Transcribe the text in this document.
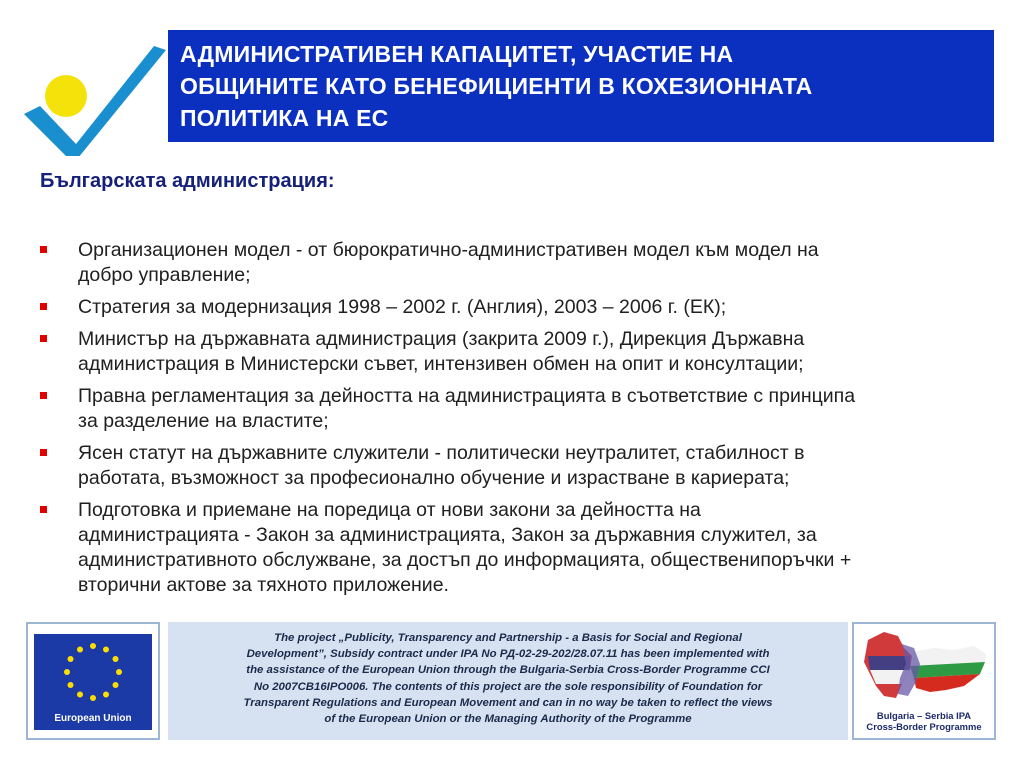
АДМИНИСТРАТИВЕН КАПАЦИТЕТ, УЧАСТИЕ НА
ОБЩИНИТЕ КАТО БЕНЕФИЦИЕНТИ В КОХЕЗИОННАТА
ПОЛИТИКА НА ЕС
Българската администрация:
Организационен модел - от бюрократично-административен модел към модел на
добро управление;
Стратегия за модернизация 1998 – 2002 г. (Англия), 2003 – 2006 г. (ЕК);
Министър на държавната администрация (закрита 2009 г.), Дирекция Държавна
администрация в Министерски съвет, интензивен обмен на опит и консултации;
Правна регламентация за дейността на администрацията в съответствие с принципа
за разделение на властите;
Ясен статут на държавните служители - политически неутралитет, стабилност в
работата, възможност за професионално обучение и израстване в кариерата;
Подготовка и приемане на поредица от нови закони за дейността на
администрацията - Закон за администрацията, Закон за държавния служител, за
административното обслужване, за достъп до информацията, общественипоръчки +
вторични актове за тяхното приложение.
European Union
The project „Publicity, Transparency and Partnership - a Basis for Social and Regional
Development”, Subsidy contract under IPA No РД-02-29-202/28.07.11 has been implemented with
the assistance of the European Union through the Bulgaria-Serbia Cross-Border Programme CCI
No 2007CB16IPO006. The contents of this project are the sole responsibility of Foundation for
Transparent Regulations and European Movement and can in no way be taken to reflect the views
of the European Union or the Managing Authority of the Programme	Bulgaria – Serbia IPA
Cross-Border Programme
